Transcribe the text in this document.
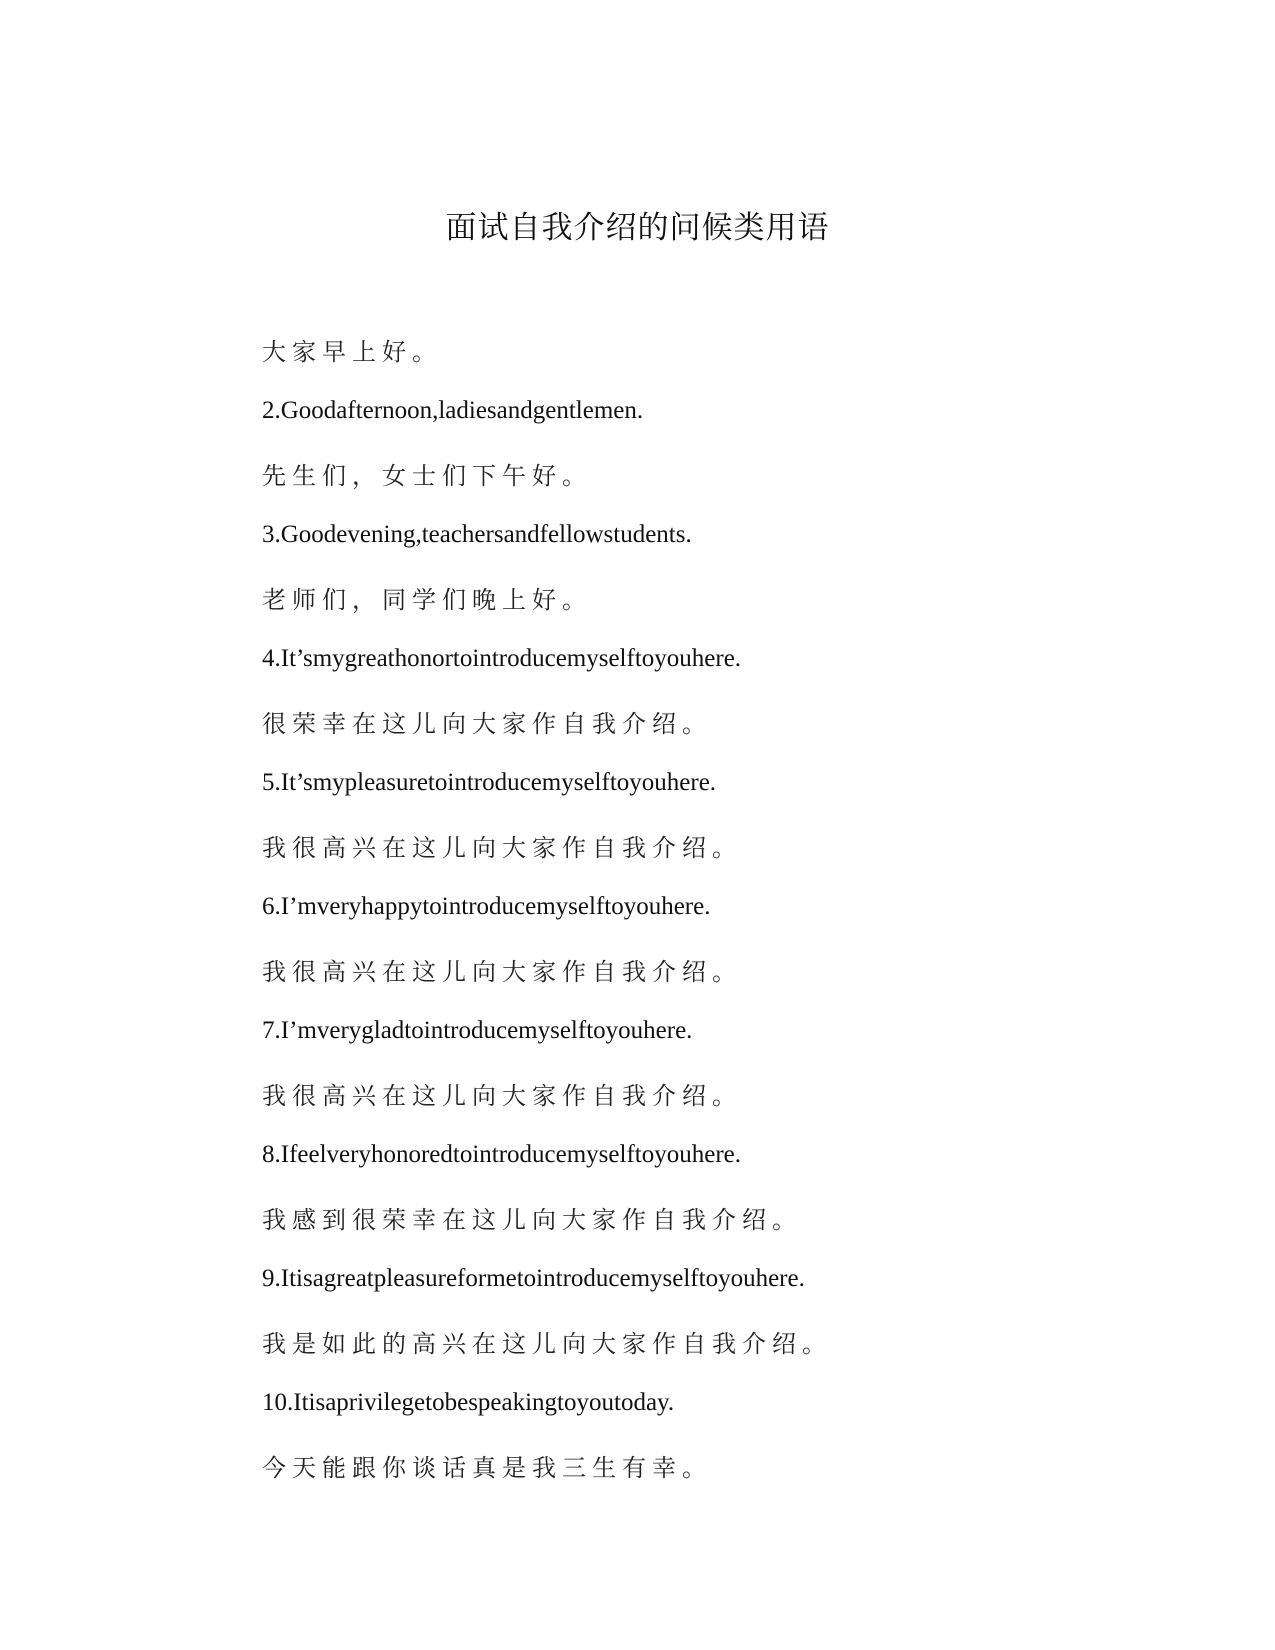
面试自我介绍的问候类用语
大家早上好。
2.Goodafternoon,ladiesandgentlemen.
先生们，女士们下午好。
3.Goodevening,teachersandfellowstudents.
老师们，同学们晚上好。
4.It’smygreathonortointroducemyselftoyouhere.
很荣幸在这儿向大家作自我介绍。
5.It’smypleasuretointroducemyselftoyouhere.
我很高兴在这儿向大家作自我介绍。
6.I’mveryhappytointroducemyselftoyouhere.
我很高兴在这儿向大家作自我介绍。
7.I’mverygladtointroducemyselftoyouhere.
我很高兴在这儿向大家作自我介绍。
8.Ifeelveryhonoredtointroducemyselftoyouhere.
我感到很荣幸在这儿向大家作自我介绍。
9.Itisagreatpleasureformetointroducemyselftoyouhere.
我是如此的高兴在这儿向大家作自我介绍。
10.Itisaprivilegetobespeakingtoyoutoday.
今天能跟你谈话真是我三生有幸。
